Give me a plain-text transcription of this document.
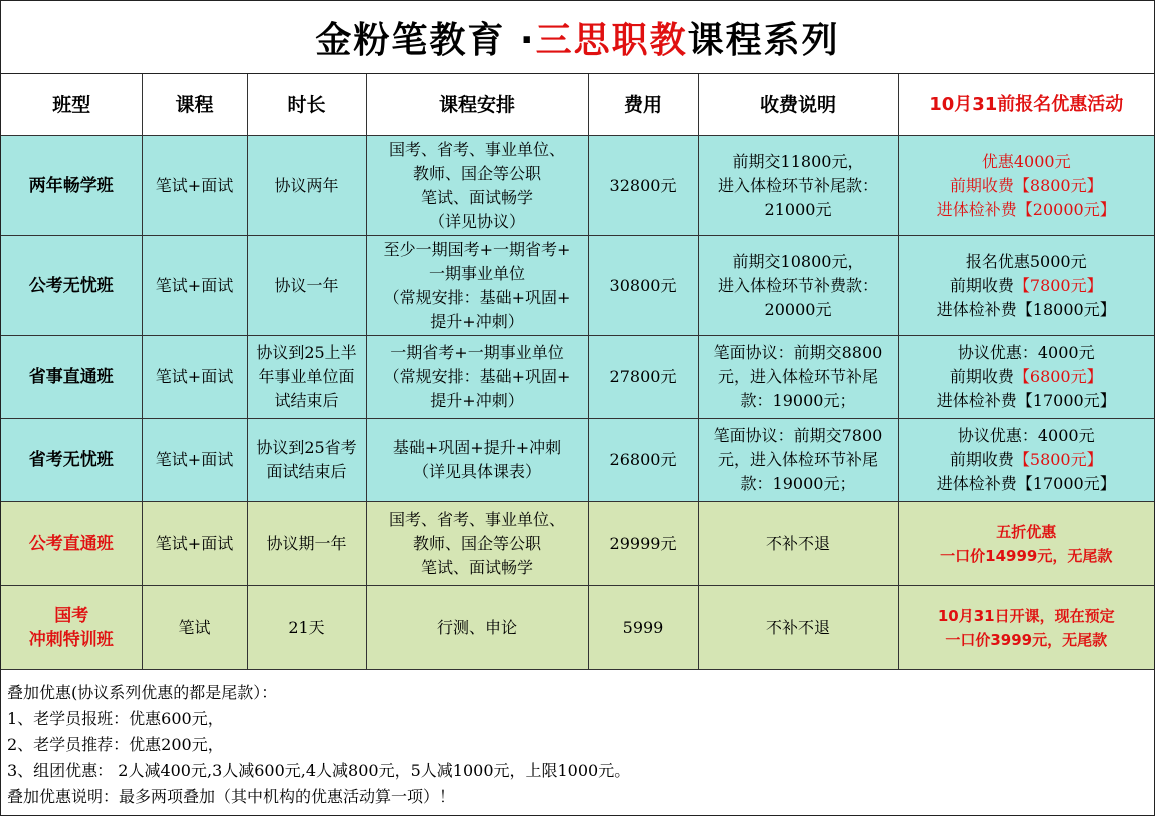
金粉笔教育 · 三思职教 课程系列
班型	课程	时长	课程安排	费用	收费说明	10月31前报名优惠活动
两年畅学班	笔试+面试	协议两年	国考、省考、事业单位、
教师、国企等公职
笔试、面试畅学
（详见协议）	32800元	前期交11800元，
进入体检环节补尾款：
21000元	优惠4000元
前期收费【8800元】
进体检补费【20000元】

公考无忧班	笔试+面试	协议一年	至少一期国考+一期省考+
一期事业单位
（常规安排：基础+巩固+
提升+冲刺）	30800元	前期交10800元，
进入体检环节补费款：
20000元	报名优惠5000元
前期收费【7800元】
进体检补费【18000元】

省事直通班	笔试+面试	协议到25上半
年事业单位面
试结束后	一期省考+一期事业单位
（常规安排：基础+巩固+
提升+冲刺）	27800元	笔面协议：前期交8800
元，进入体检环节补尾
款：19000元；	协议优惠：4000元
前期收费【6800元】
进体检补费【17000元】

省考无忧班	笔试+面试	协议到25省考
面试结束后	基础+巩固+提升+冲刺
（详见具体课表）	26800元	笔面协议：前期交7800
元，进入体检环节补尾
款：19000元；	协议优惠：4000元
前期收费【5800元】
进体检补费【17000元】

公考直通班	笔试+面试	协议期一年	国考、省考、事业单位、
教师、国企等公职
笔试、面试畅学	29999元	不补不退	五折优惠
一口价14999元，无尾款

国考
冲刺特训班	笔试	21天	行测、申论	5999	不补不退	10月31日开课，现在预定
一口价3999元，无尾款
叠加优惠(协议系列优惠的都是尾款）：
1、老学员报班：优惠600元，
2、老学员推荐：优惠200元，
3、组团优惠： 2人减400元,3人减600元,4人减800元，5人减1000元，上限1000元。
叠加优惠说明：最多两项叠加（其中机构的优惠活动算一项）！
